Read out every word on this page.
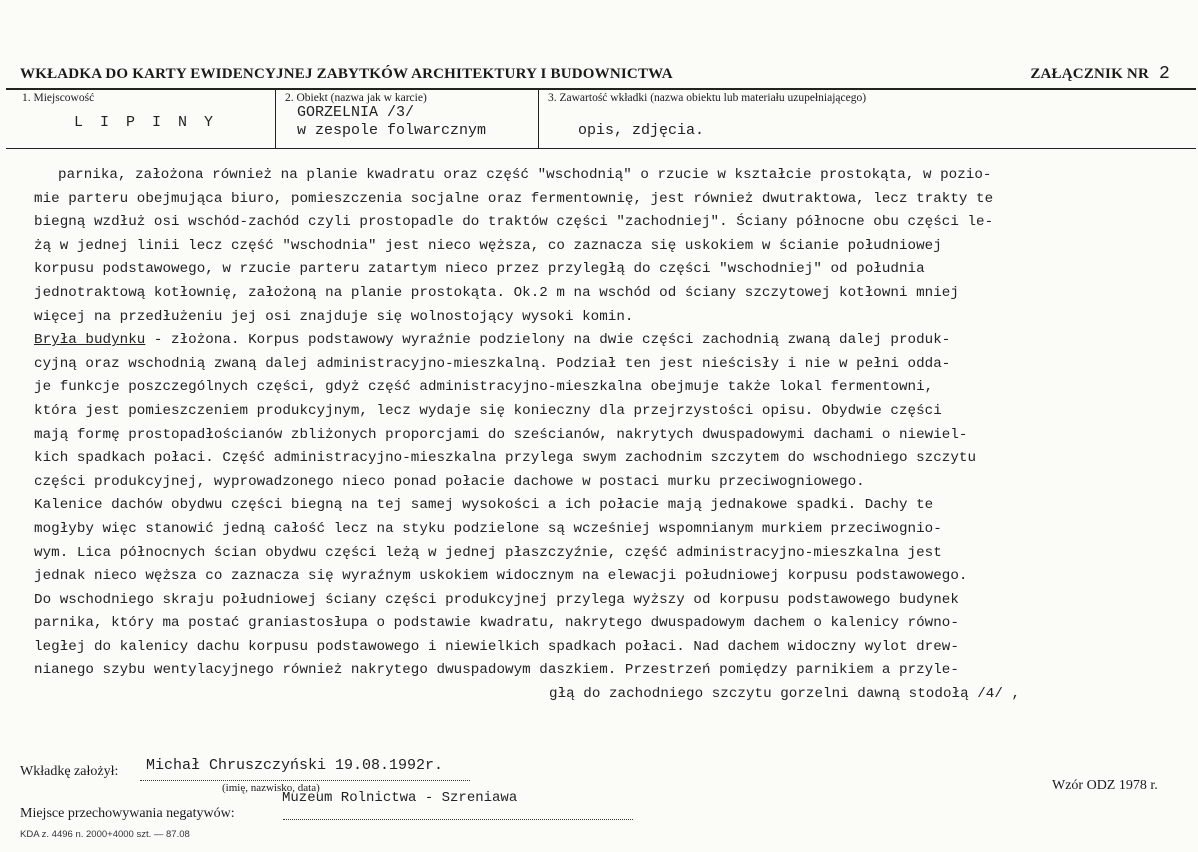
WKŁADKA DO KARTY EWIDENCYJNEJ ZABYTKÓW ARCHITEKTURY I BUDOWNICTWA	ZAŁĄCZNIK NR 2
1. Miejscowość
L I P I N Y
2. Obiekt (nazwa jak w karcie)
GORZELNIA /3/
w zespole folwarcznym
3. Zawartość wkładki (nazwa obiektu lub materiału uzupełniającego)
opis, zdjęcia.
parnika, założona również na planie kwadratu oraz część "wschodnią" o rzucie w kształcie prostokąta, w pozio-
mie parteru obejmująca biuro, pomieszczenia socjalne oraz fermentownię, jest również dwutraktowa, lecz trakty te
biegną wzdłuż osi wschód-zachód czyli prostopadle do traktów części "zachodniej". Ściany północne obu części le-
żą w jednej linii lecz część "wschodnia" jest nieco węższa, co zaznacza się uskokiem w ścianie południowej
korpusu podstawowego, w rzucie parteru zatartym nieco przez przyległą do części "wschodniej" od południa
jednotraktową kotłownię, założoną na planie prostokąta. Ok.2 m na wschód od ściany szczytowej kotłowni mniej
więcej na przedłużeniu jej osi znajduje się wolnostojący wysoki komin.
Bryła budynku - złożona. Korpus podstawowy wyraźnie podzielony na dwie części zachodnią zwaną dalej produk-
cyjną oraz wschodnią zwaną dalej administracyjno-mieszkalną. Podział ten jest nieścisły i nie w pełni odda-
je funkcje poszczególnych części, gdyż część administracyjno-mieszkalna obejmuje także lokal fermentowni,
która jest pomieszczeniem produkcyjnym, lecz wydaje się konieczny dla przejrzystości opisu. Obydwie części
mają formę prostopadłościanów zbliżonych proporcjami do sześcianów, nakrytych dwuspadowymi dachami o niewiel-
kich spadkach połaci. Część administracyjno-mieszkalna przylega swym zachodnim szczytem do wschodniego szczytu
części produkcyjnej, wyprowadzonego nieco ponad połacie dachowe w postaci murku przeciwogniowego.
Kalenice dachów obydwu części biegną na tej samej wysokości a ich połacie mają jednakowe spadki. Dachy te
mogłyby więc stanowić jedną całość lecz na styku podzielone są wcześniej wspomnianym murkiem przeciwognio-
wym. Lica północnych ścian obydwu części leżą w jednej płaszczyźnie, część administracyjno-mieszkalna jest
jednak nieco węższa co zaznacza się wyraźnym uskokiem widocznym na elewacji południowej korpusu podstawowego.
Do wschodniego skraju południowej ściany części produkcyjnej przylega wyższy od korpusu podstawowego budynek
parnika, który ma postać graniastosłupa o podstawie kwadratu, nakrytego dwuspadowym dachem o kalenicy równo-
ległej do kalenicy dachu korpusu podstawowego i niewielkich spadkach połaci. Nad dachem widoczny wylot drew-
nianego szybu wentylacyjnego również nakrytego dwuspadowym daszkiem. Przestrzeń pomiędzy parnikiem a przyle-
głą do zachodniego szczytu gorzelni dawną stodołą /4/ ,
Wkładkę założył: Michał Chruszczyński 19.08.1992r.
(imię, nazwisko, data)
Miejsce przechowywania negatywów:
Muzeum Rolnictwa - Szreniawa
Wzór ODZ 1978 r.
KDA z. 4496 n. 2000+4000 szt. — 87.08
